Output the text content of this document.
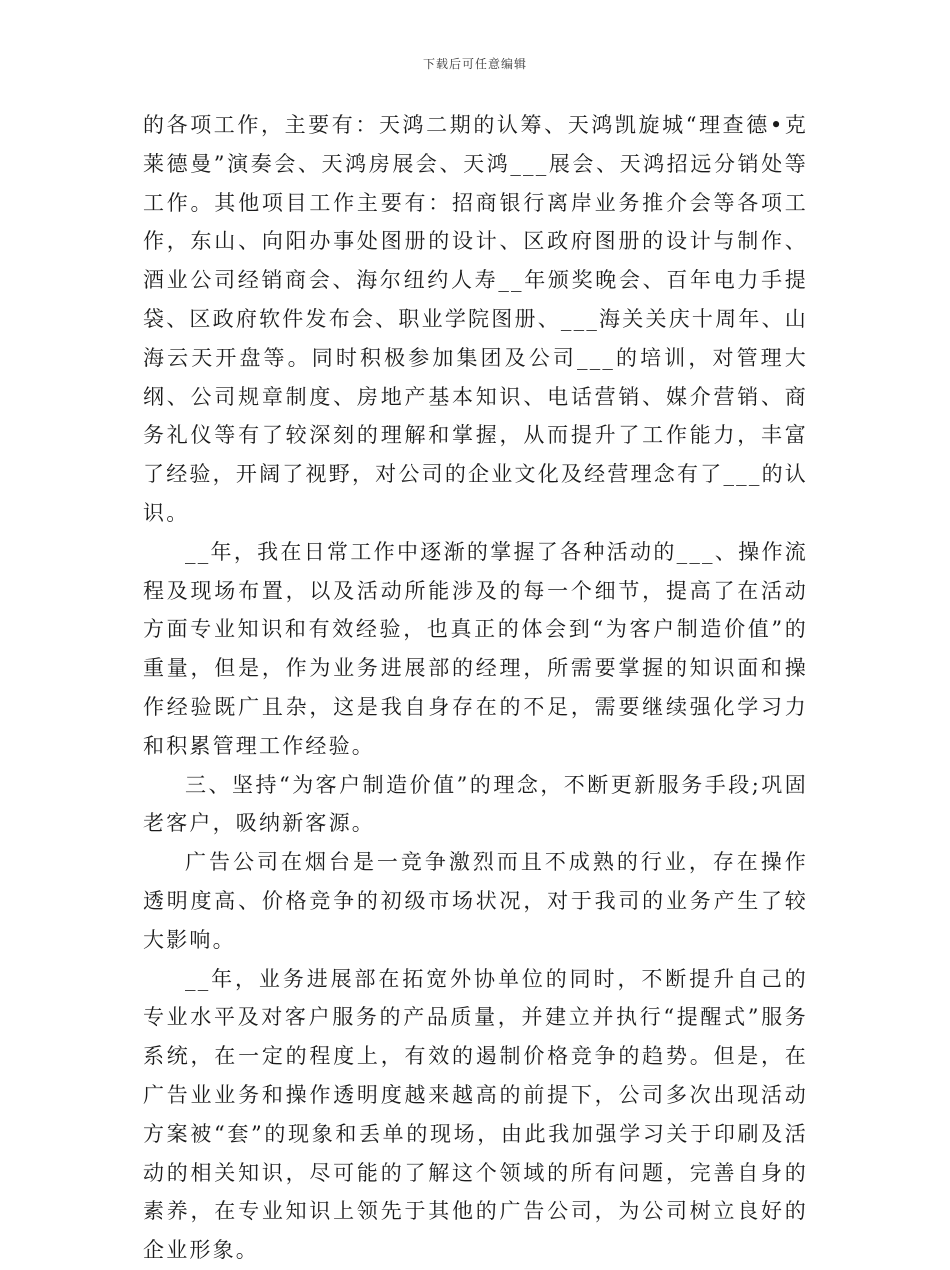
下载后可任意编辑

的各项工作，主要有：天鸿二期的认筹、天鸿凯旋城“理查德•克莱德曼”演奏会、天鸿房展会、天鸿___展会、天鸿招远分销处等工作。其他项目工作主要有：招商银行离岸业务推介会等各项工作，东山、向阳办事处图册的设计、区政府图册的设计与制作、酒业公司经销商会、海尔纽约人寿__年颁奖晚会、百年电力手提袋、区政府软件发布会、职业学院图册、___海关关庆十周年、山海云天开盘等。同时积极参加集团及公司___的培训，对管理大纲、公司规章制度、房地产基本知识、电话营销、媒介营销、商务礼仪等有了较深刻的理解和掌握，从而提升了工作能力，丰富了经验，开阔了视野，对公司的企业文化及经营理念有了___的认识。

__年，我在日常工作中逐渐的掌握了各种活动的___、操作流程及现场布置，以及活动所能涉及的每一个细节，提高了在活动方面专业知识和有效经验，也真正的体会到“为客户制造价值”的重量，但是，作为业务进展部的经理，所需要掌握的知识面和操作经验既广且杂，这是我自身存在的不足，需要继续强化学习力和积累管理工作经验。

三、坚持“为客户制造价值”的理念，不断更新服务手段;巩固老客户，吸纳新客源。

广告公司在烟台是一竞争激烈而且不成熟的行业，存在操作透明度高、价格竞争的初级市场状况，对于我司的业务产生了较大影响。

__年，业务进展部在拓宽外协单位的同时，不断提升自己的专业水平及对客户服务的产品质量，并建立并执行“提醒式”服务系统，在一定的程度上，有效的遏制价格竞争的趋势。但是，在广告业业务和操作透明度越来越高的前提下，公司多次出现活动方案被“套”的现象和丢单的现场，由此我加强学习关于印刷及活动的相关知识，尽可能的了解这个领域的所有问题，完善自身的素养，在专业知识上领先于其他的广告公司，为公司树立良好的企业形象。
